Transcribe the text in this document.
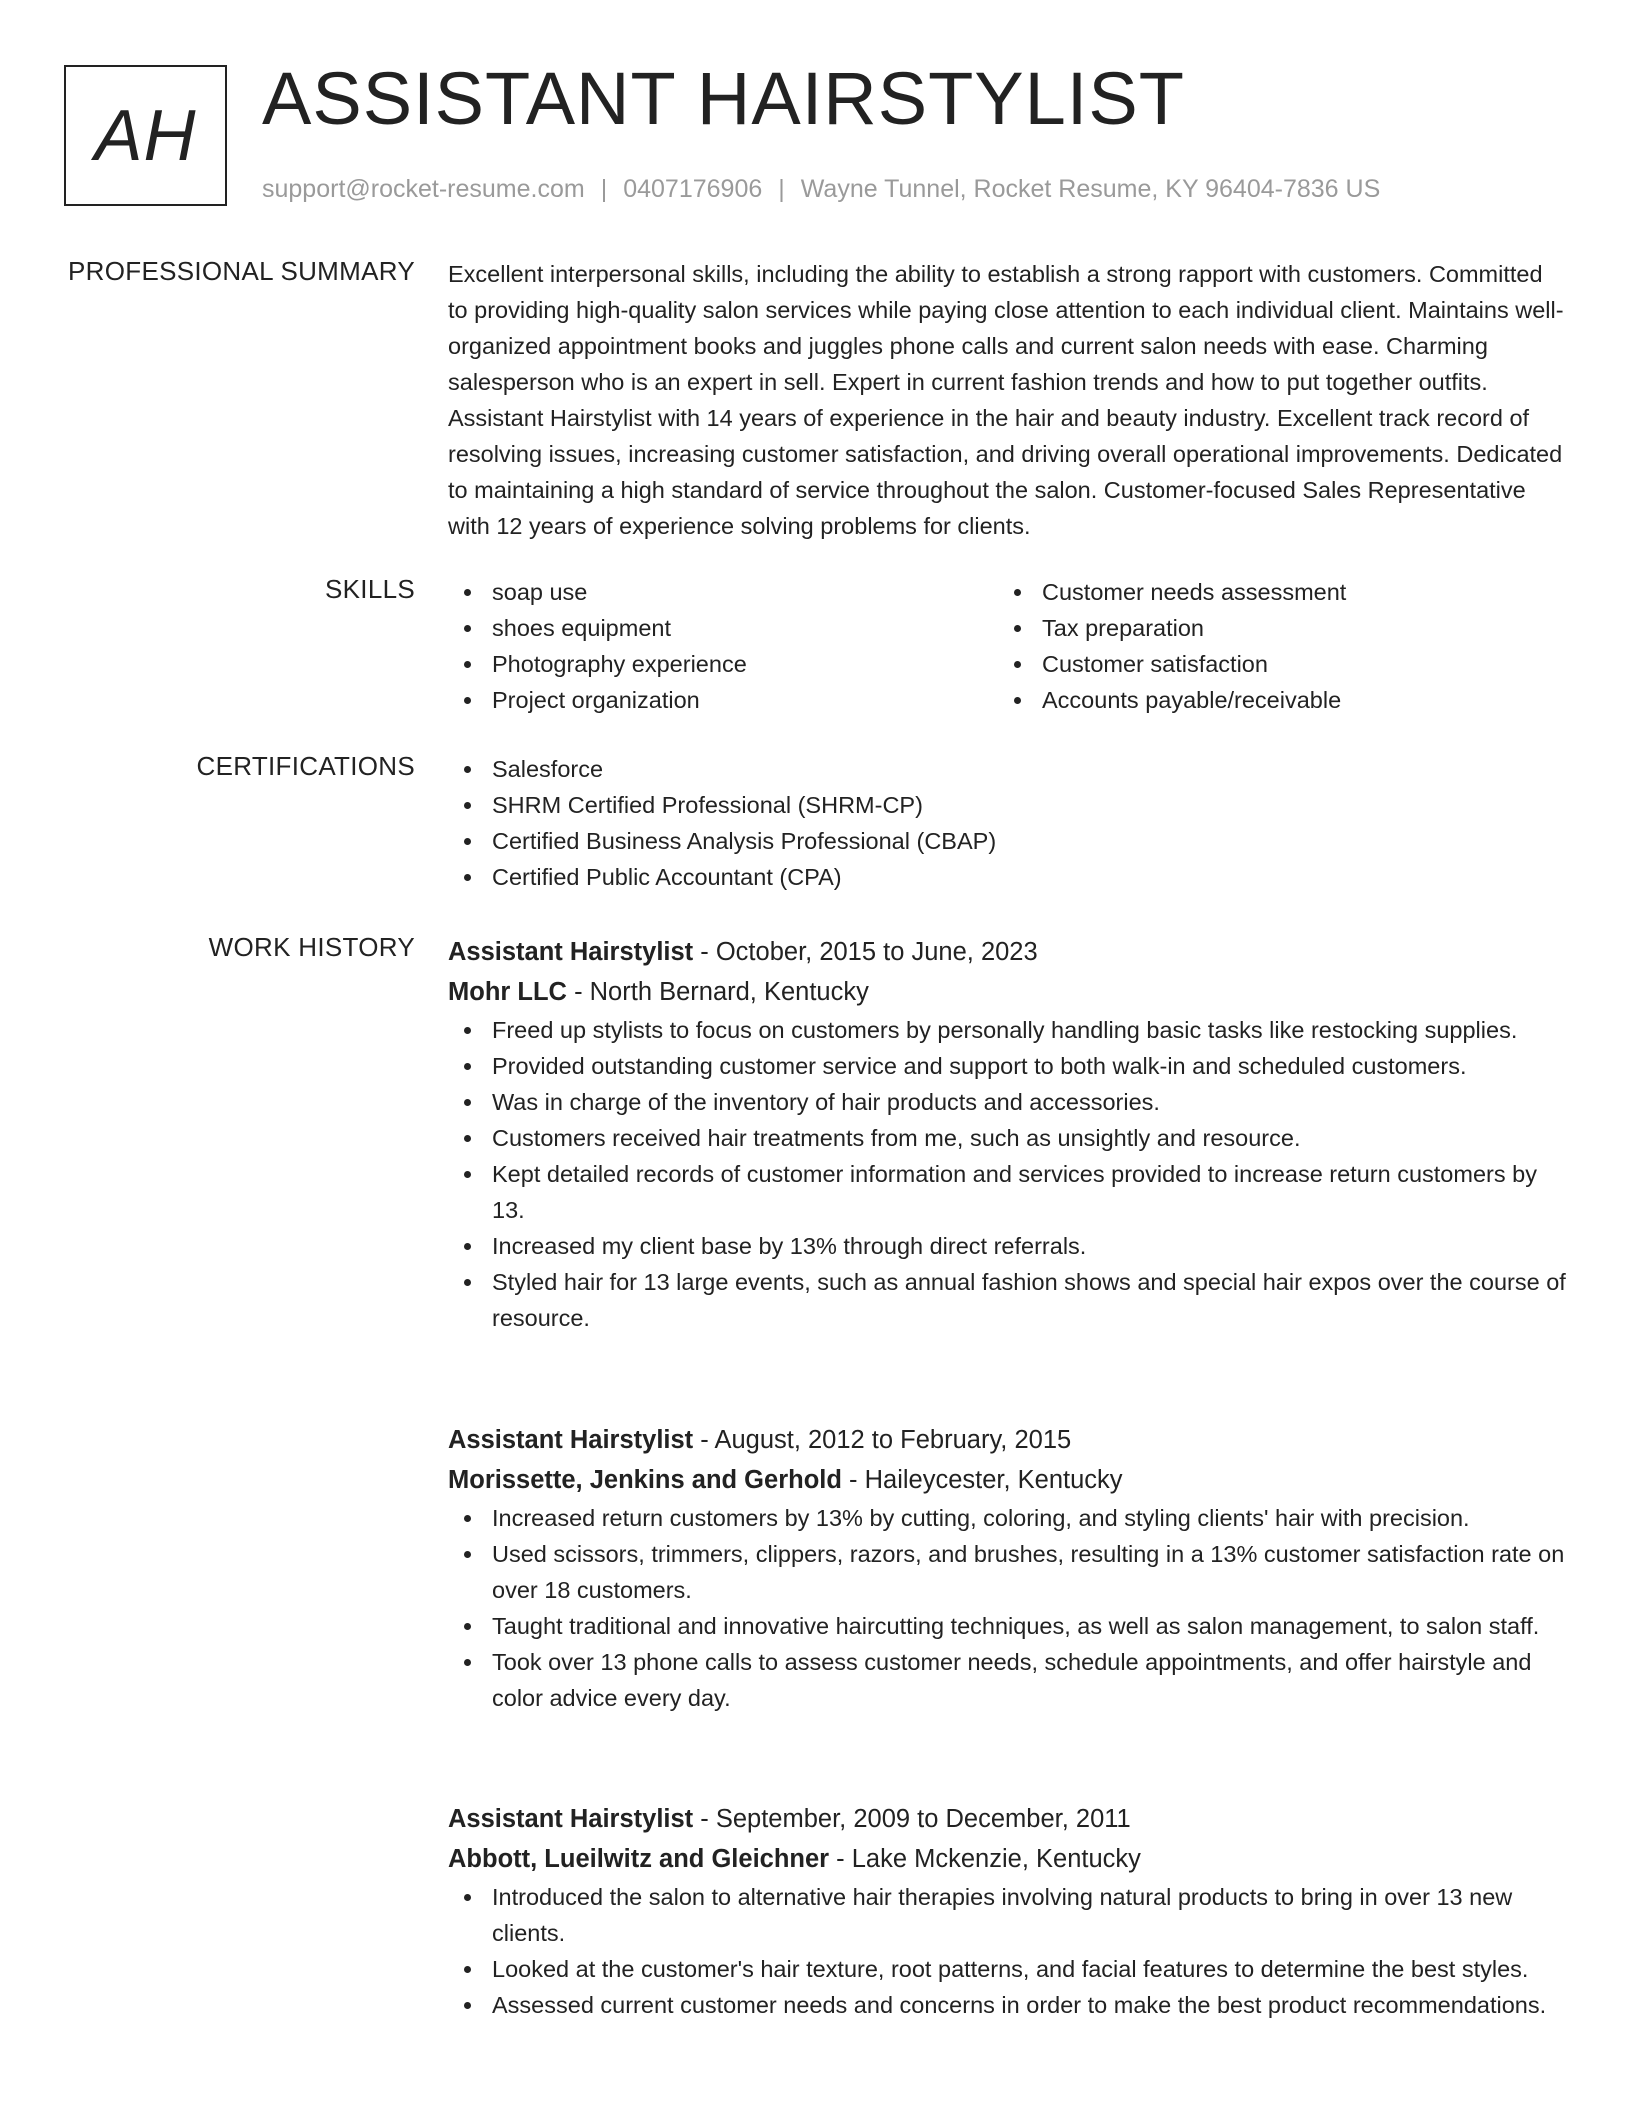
AH ASSISTANT HAIRSTYLIST
support@rocket-resume.com | 0407176906 | Wayne Tunnel, Rocket Resume, KY 96404-7836 US
PROFESSIONAL SUMMARY Excellent interpersonal skills, including the ability to establish a strong rapport with customers. Committed to providing high-quality salon services while paying close attention to each individual client. Maintains well-organized appointment books and juggles phone calls and current salon needs with ease. Charming salesperson who is an expert in sell. Expert in current fashion trends and how to put together outfits. Assistant Hairstylist with 14 years of experience in the hair and beauty industry. Excellent track record of resolving issues, increasing customer satisfaction, and driving overall operational improvements. Dedicated to maintaining a high standard of service throughout the salon. Customer-focused Sales Representative with 12 years of experience solving problems for clients.

SKILLS	soap use
shoes equipment
Photography experience
Project organization
Customer needs assessment
Tax preparation
Customer satisfaction
Accounts payable/receivable
CERTIFICATIONS	Salesforce
SHRM Certified Professional (SHRM-CP)
Certified Business Analysis Professional (CBAP)
Certified Public Accountant (CPA)
WORK HISTORY Assistant Hairstylist - October, 2015 to June, 2023
Mohr LLC - North Bernard, Kentucky
Freed up stylists to focus on customers by personally handling basic tasks like restocking supplies.
Provided outstanding customer service and support to both walk-in and scheduled customers.
Was in charge of the inventory of hair products and accessories.
Customers received hair treatments from me, such as unsightly and resource.
Kept detailed records of customer information and services provided to increase return customers by 13.
Increased my client base by 13% through direct referrals.
Styled hair for 13 large events, such as annual fashion shows and special hair expos over the course of resource.
Assistant Hairstylist - August, 2012 to February, 2015
Morissette, Jenkins and Gerhold - Haileycester, Kentucky
Increased return customers by 13% by cutting, coloring, and styling clients' hair with precision.
Used scissors, trimmers, clippers, razors, and brushes, resulting in a 13% customer satisfaction rate on over 18 customers.
Taught traditional and innovative haircutting techniques, as well as salon management, to salon staff.
Took over 13 phone calls to assess customer needs, schedule appointments, and offer hairstyle and color advice every day.
Assistant Hairstylist - September, 2009 to December, 2011
Abbott, Lueilwitz and Gleichner - Lake Mckenzie, Kentucky
Introduced the salon to alternative hair therapies involving natural products to bring in over 13 new clients.
Looked at the customer's hair texture, root patterns, and facial features to determine the best styles.
Assessed current customer needs and concerns in order to make the best product recommendations.
